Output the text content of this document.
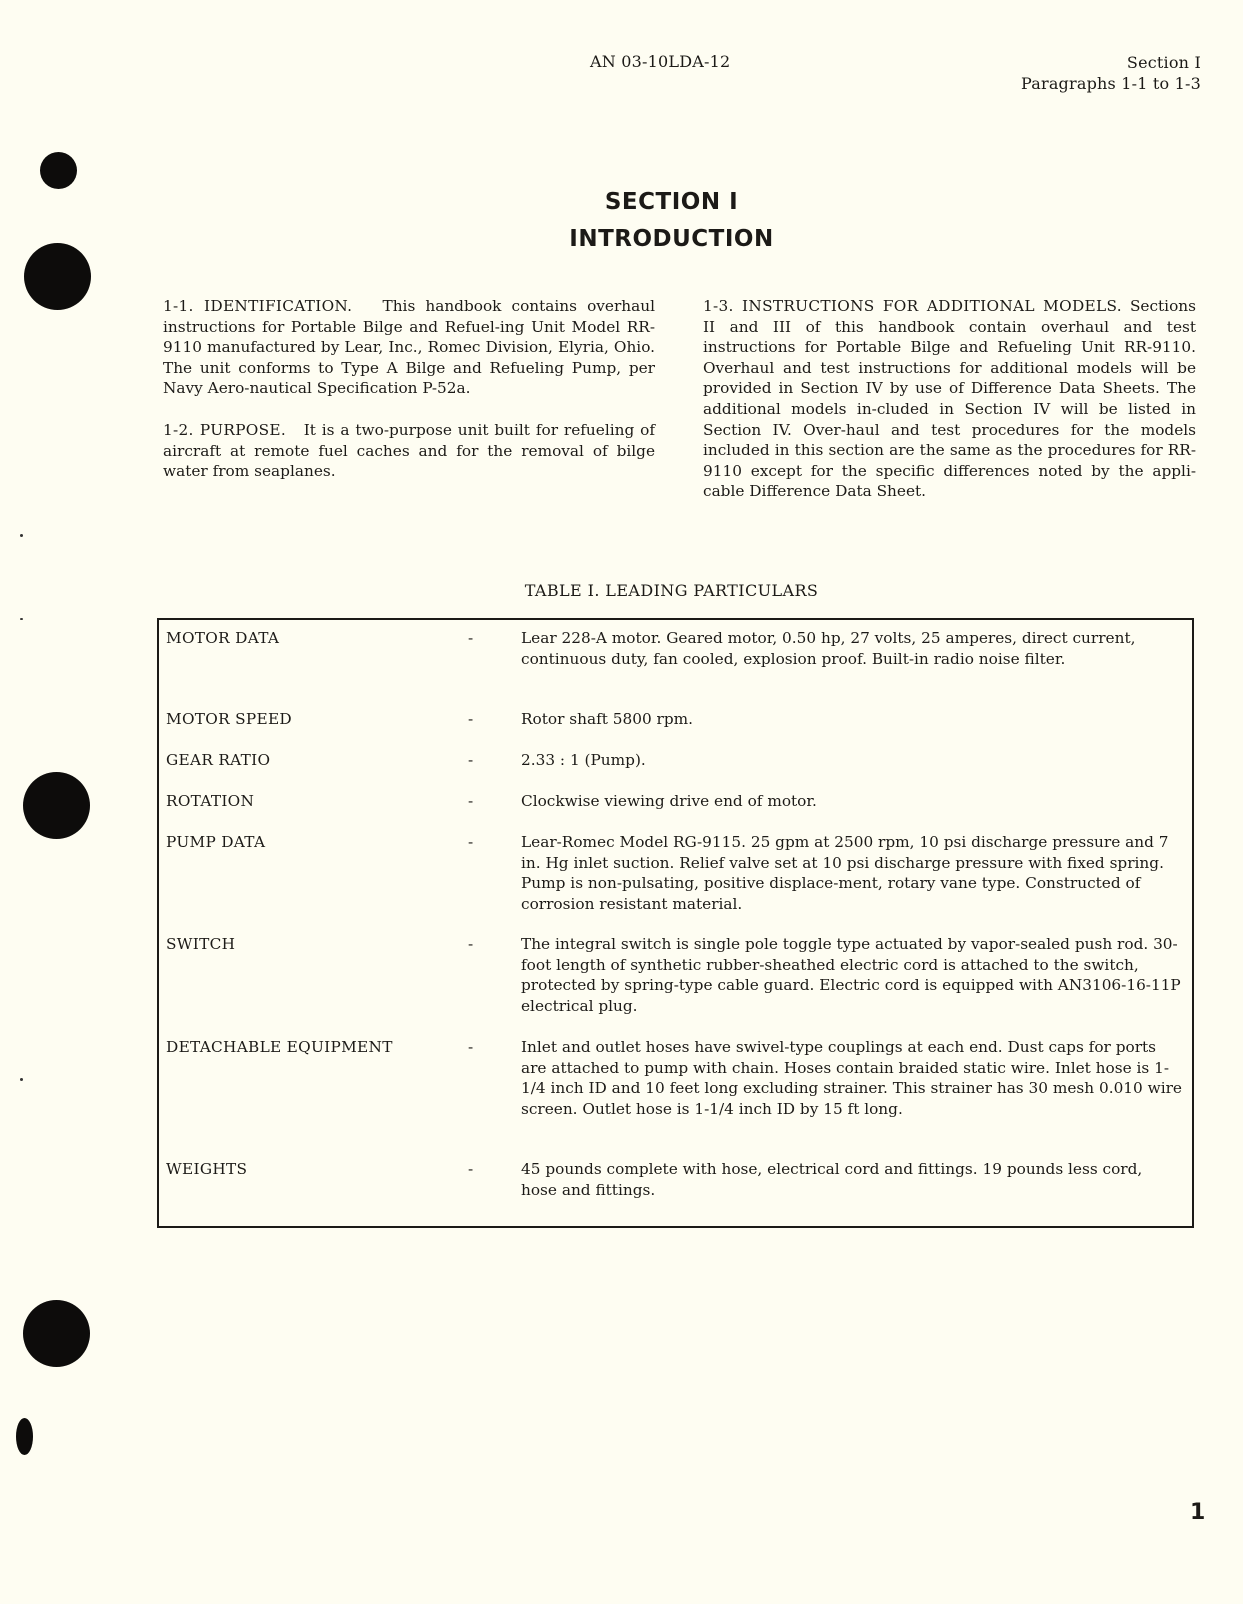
AN 03-10LDA-12	Section I
Paragraphs 1-1 to 1-3
SECTION I
INTRODUCTION

1-1. IDENTIFICATION. This handbook contains overhaul instructions for Portable Bilge and Refuel-ing Unit Model RR-9110 manufactured by Lear, Inc., Romec Division, Elyria, Ohio. The unit conforms to Type A Bilge and Refueling Pump, per Navy Aero-nautical Specification P-52a.

1-2. PURPOSE. It is a two-purpose unit built for refueling of aircraft at remote fuel caches and for the removal of bilge water from seaplanes.

1-3. INSTRUCTIONS FOR ADDITIONAL MODELS. Sections II and III of this handbook contain overhaul and test instructions for Portable Bilge and Refueling Unit RR-9110. Overhaul and test instructions for additional models will be provided in Section IV by use of Difference Data Sheets. The additional models in-cluded in Section IV will be listed in Section IV. Over-haul and test procedures for the models included in this section are the same as the procedures for RR-9110 except for the specific differences noted by the appli-cable Difference Data Sheet.

TABLE I. LEADING PARTICULARS
MOTOR DATA	-	Lear 228-A motor. Geared motor, 0.50 hp, 27 volts, 25 amperes, direct current, continuous duty, fan cooled, explosion proof. Built-in radio noise filter.
MOTOR SPEED	-	Rotor shaft 5800 rpm.
GEAR RATIO	-	2.33 : 1 (Pump).
ROTATION	-	Clockwise viewing drive end of motor.
PUMP DATA	-	Lear-Romec Model RG-9115. 25 gpm at 2500 rpm, 10 psi discharge pressure and 7 in. Hg inlet suction. Relief valve set at 10 psi discharge pressure with fixed spring. Pump is non-pulsating, positive displace-ment, rotary vane type. Constructed of corrosion resistant material.
SWITCH	-	The integral switch is single pole toggle type actuated by vapor-sealed push rod. 30-foot length of synthetic rubber-sheathed electric cord is attached to the switch, protected by spring-type cable guard. Electric cord is equipped with AN3106-16-11P electrical plug.
DETACHABLE EQUIPMENT	-	Inlet and outlet hoses have swivel-type couplings at each end. Dust caps for ports are attached to pump with chain. Hoses contain braided static wire. Inlet hose is 1-1/4 inch ID and 10 feet long excluding strainer. This strainer has 30 mesh 0.010 wire screen. Outlet hose is 1-1/4 inch ID by 15 ft long.
WEIGHTS	-	45 pounds complete with hose, electrical cord and fittings. 19 pounds less cord, hose and fittings.
1
